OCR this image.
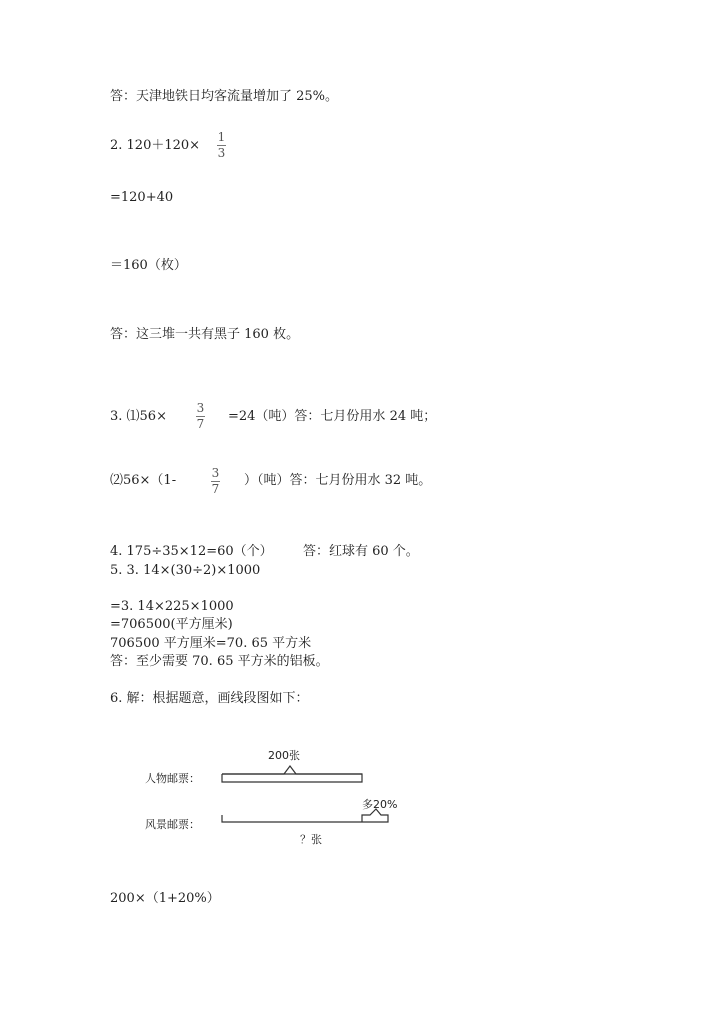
答：天津地铁日均客流量增加了 25%。
2. 120＋120×
1
3
=120+40
＝160（枚）
答：这三堆一共有黑子 160 枚。
3. ⑴56×
3
7 =24（吨）答：七月份用水 24 吨；
⑵56×（1-	3
7
）（吨）答：七月份用水 32 吨。
4. 175÷35×12=60（个） 答：红球有 60 个。
5. 3. 14×(30÷2)×1000
=3. 14×225×1000
=706500(平方厘米)
706500 平方厘米=70. 65 平方米
答：至少需要 70. 65 平方米的铝板。
6. 解：根据题意，画线段图如下：
200张
人物邮票：
风景邮票：
多20%
？张
200×（1+20%）
